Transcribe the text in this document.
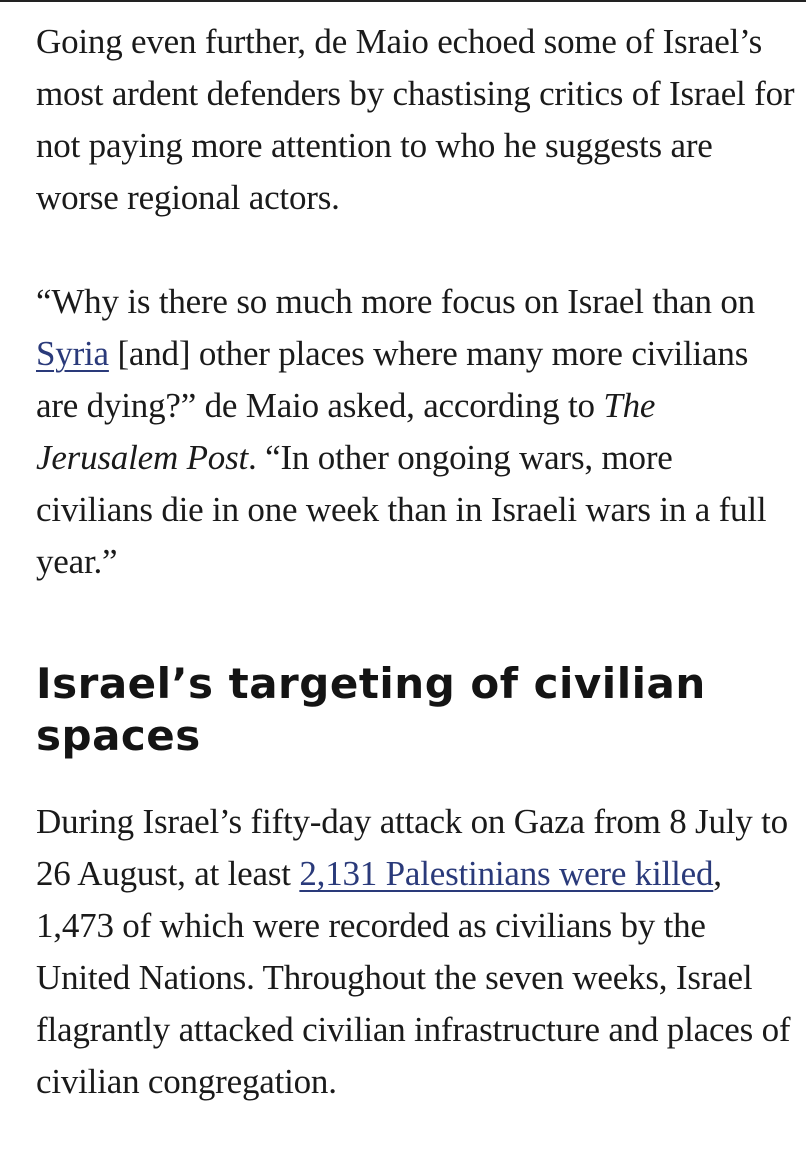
Going even further, de Maio echoed some of Israel’s most ardent defenders by chastising critics of Israel for not paying more attention to who he suggests are worse regional actors.

“Why is there so much more focus on Israel than on Syria [and] other places where many more civilians are dying?” de Maio asked, according to The Jerusalem Post. “In other ongoing wars, more civilians die in one week than in Israeli wars in a full year.”

Israel’s targeting of civilian spaces

During Israel’s fifty-day attack on Gaza from 8 July to 26 August, at least 2,131 Palestinians were killed, 1,473 of which were recorded as civilians by the United Nations. Throughout the seven weeks, Israel flagrantly attacked civilian infrastructure and places of civilian congregation.
